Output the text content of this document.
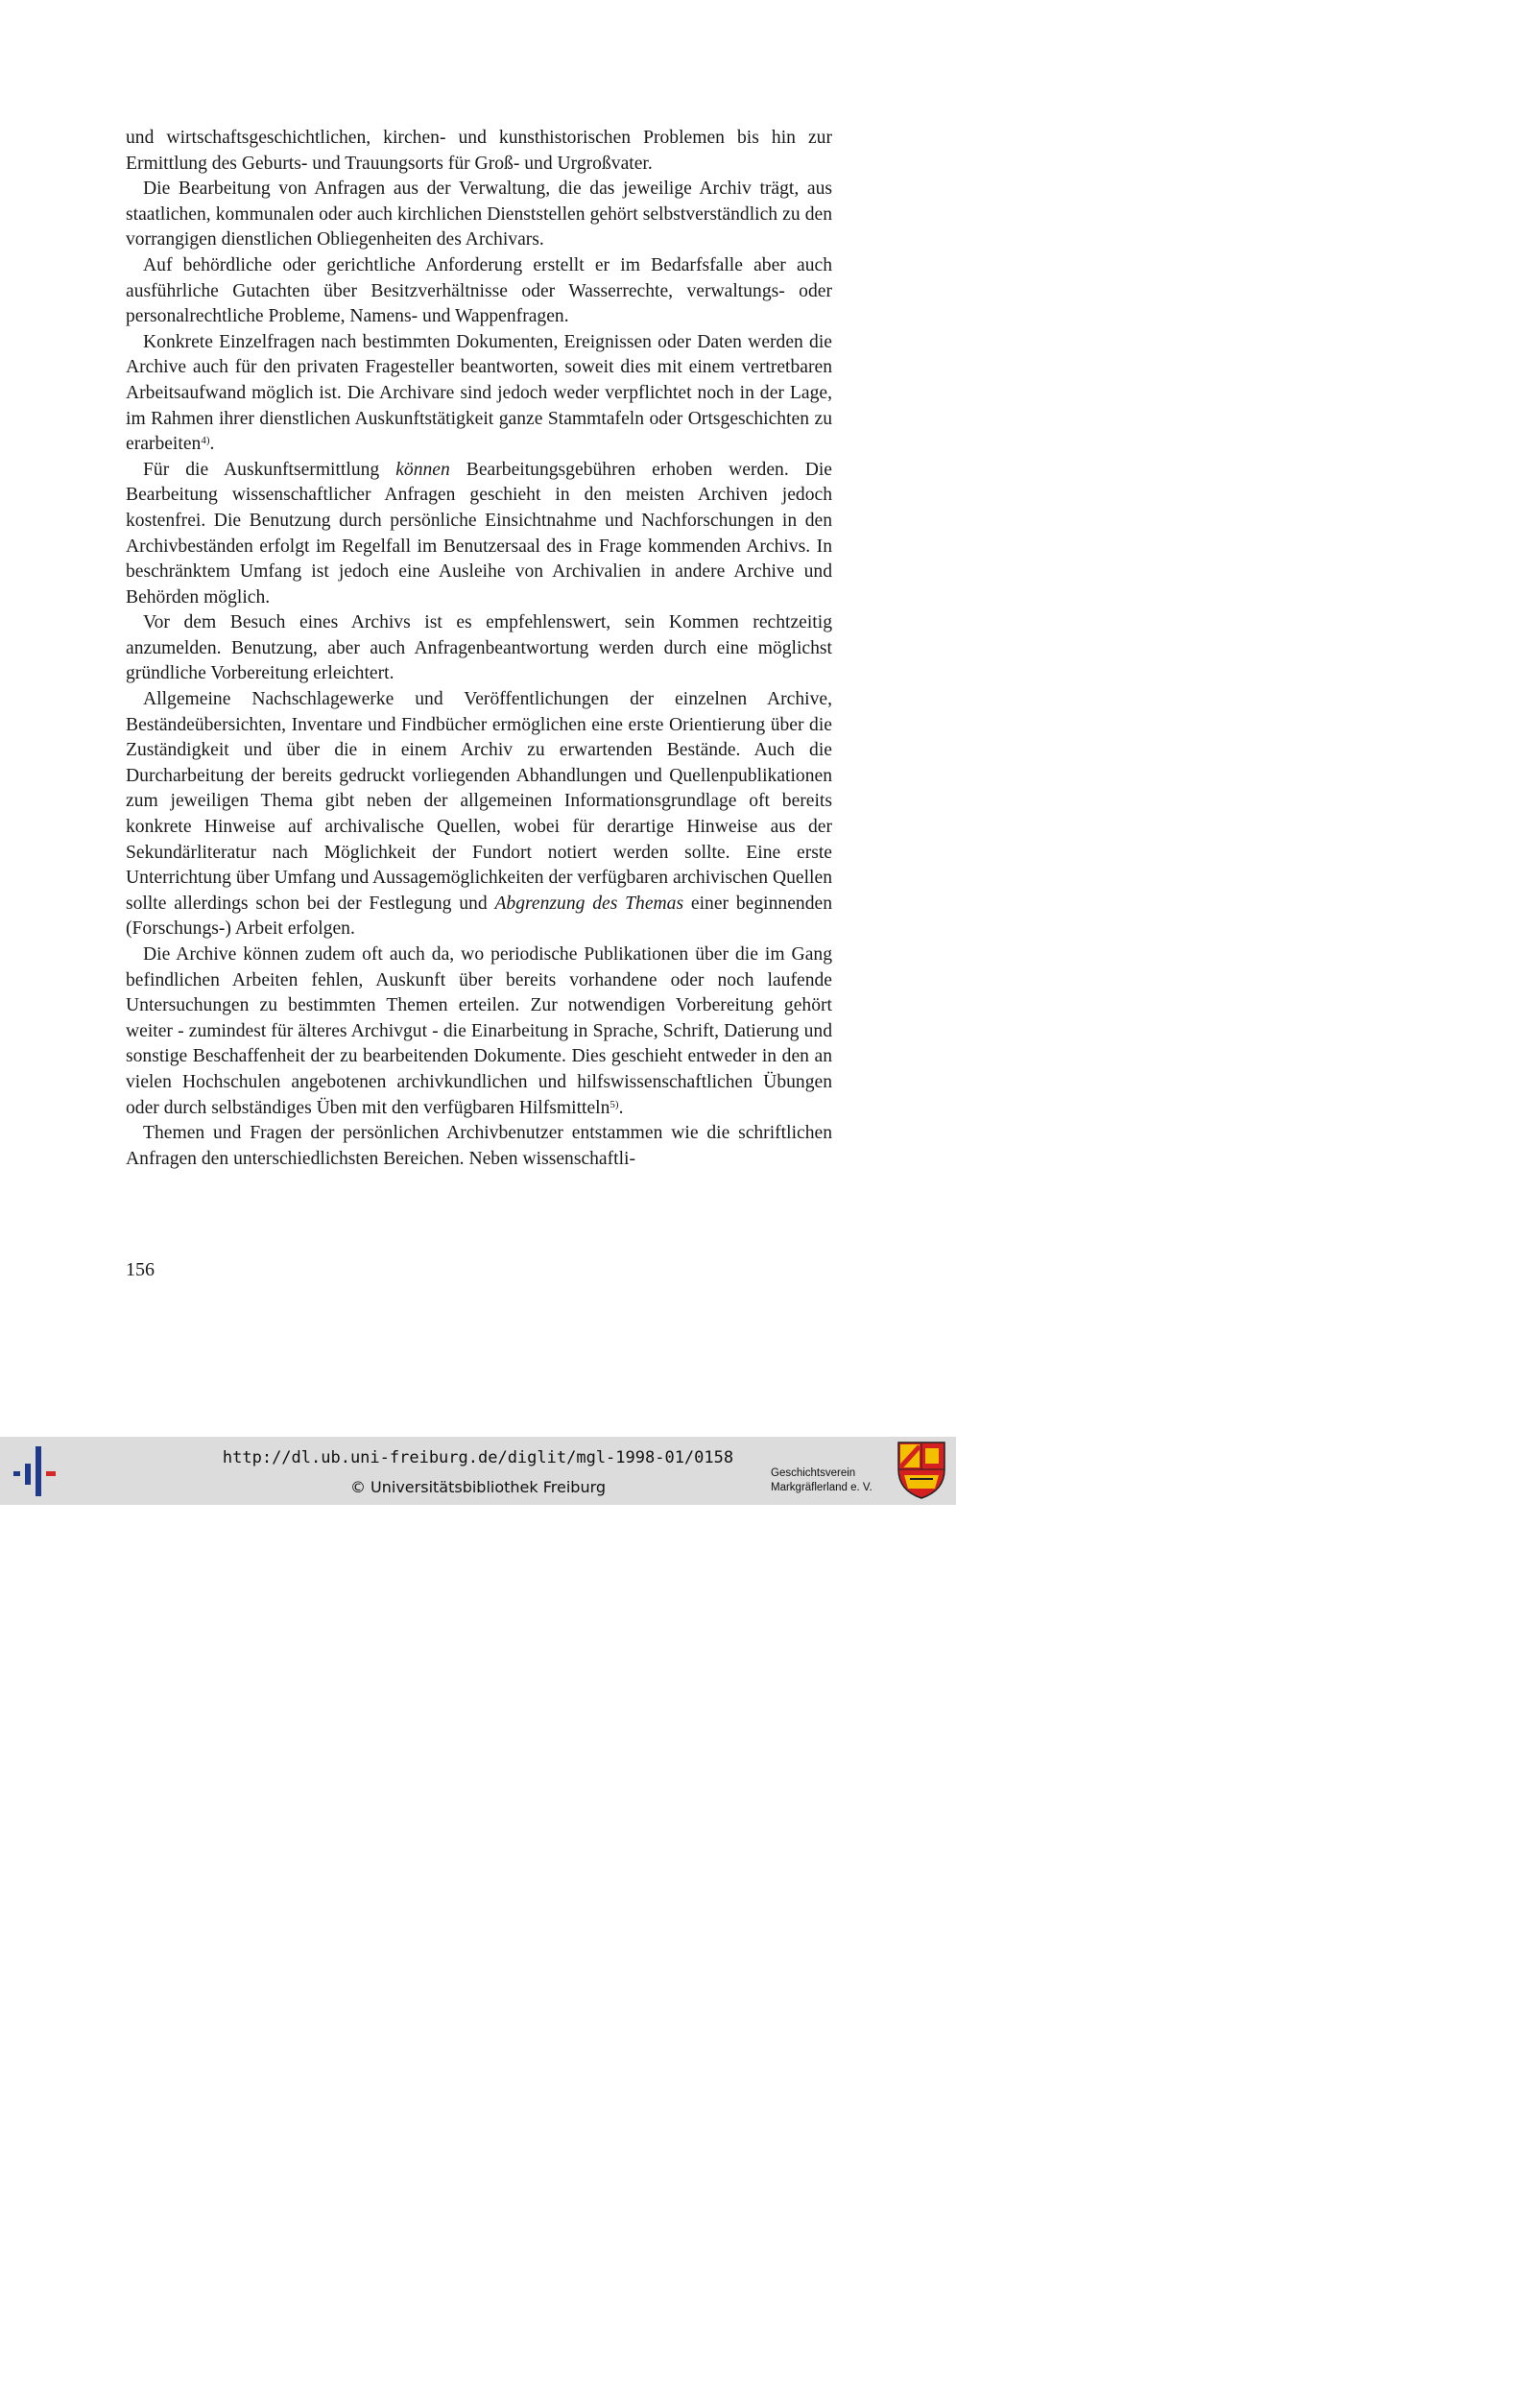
und wirtschaftsgeschichtlichen, kirchen- und kunsthistorischen Problemen bis hin zur Ermittlung des Geburts- und Trauungsorts für Groß- und Urgroßvater.

Die Bearbeitung von Anfragen aus der Verwaltung, die das jeweilige Archiv trägt, aus staatlichen, kommunalen oder auch kirchlichen Dienststellen gehört selbstverständlich zu den vorrangigen dienstlichen Obliegenheiten des Archivars.

Auf behördliche oder gerichtliche Anforderung erstellt er im Bedarfsfalle aber auch ausführliche Gutachten über Besitzverhältnisse oder Wasserrechte, verwaltungs- oder personalrechtliche Probleme, Namens- und Wappenfragen.

Konkrete Einzelfragen nach bestimmten Dokumenten, Ereignissen oder Daten werden die Archive auch für den privaten Fragesteller beantworten, soweit dies mit einem vertretbaren Arbeitsaufwand möglich ist. Die Archivare sind jedoch weder verpflichtet noch in der Lage, im Rahmen ihrer dienstlichen Auskunftstätigkeit ganze Stammtafeln oder Ortsgeschichten zu erarbeiten$^{4)}$.

Für die Auskunftsermittlung können Bearbeitungsgebühren erhoben werden. Die Bearbeitung wissenschaftlicher Anfragen geschieht in den meisten Archiven jedoch kostenfrei. Die Benutzung durch persönliche Einsichtnahme und Nachforschungen in den Archivbeständen erfolgt im Regelfall im Benutzersaal des in Frage kommenden Archivs. In beschränktem Umfang ist jedoch eine Ausleihe von Archivalien in andere Archive und Behörden möglich.

Vor dem Besuch eines Archivs ist es empfehlenswert, sein Kommen rechtzeitig anzumelden. Benutzung, aber auch Anfragenbeantwortung werden durch eine möglichst gründliche Vorbereitung erleichtert.

Allgemeine Nachschlagewerke und Veröffentlichungen der einzelnen Archive, Beständeübersichten, Inventare und Findbücher ermöglichen eine erste Orientierung über die Zuständigkeit und über die in einem Archiv zu erwartenden Bestände. Auch die Durcharbeitung der bereits gedruckt vorliegenden Abhandlungen und Quellenpublikationen zum jeweiligen Thema gibt neben der allgemeinen Informationsgrundlage oft bereits konkrete Hinweise auf archivalische Quellen, wobei für derartige Hinweise aus der Sekundärliteratur nach Möglichkeit der Fundort notiert werden sollte. Eine erste Unterrichtung über Umfang und Aussagemöglichkeiten der verfügbaren archivischen Quellen sollte allerdings schon bei der Festlegung und Abgrenzung des Themas einer beginnenden (Forschungs-) Arbeit erfolgen.

Die Archive können zudem oft auch da, wo periodische Publikationen über die im Gang befindlichen Arbeiten fehlen, Auskunft über bereits vorhandene oder noch laufende Untersuchungen zu bestimmten Themen erteilen. Zur notwendigen Vorbereitung gehört weiter - zumindest für älteres Archivgut - die Einarbeitung in Sprache, Schrift, Datierung und sonstige Beschaffenheit der zu bearbeitenden Dokumente. Dies geschieht entweder in den an vielen Hochschulen angebotenen archivkundlichen und hilfswissenschaftlichen Übungen oder durch selbständiges Üben mit den verfügbaren Hilfsmitteln$^{5)}$.

Themen und Fragen der persönlichen Archivbenutzer entstammen wie die schriftlichen Anfragen den unterschiedlichsten Bereichen. Neben wissenschaftli-

156
http://dl.ub.uni-freiburg.de/diglit/mgl-1998-01/0158
© Universitätsbibliothek Freiburg
Geschichtsverein
Markgräflerland e. V.
